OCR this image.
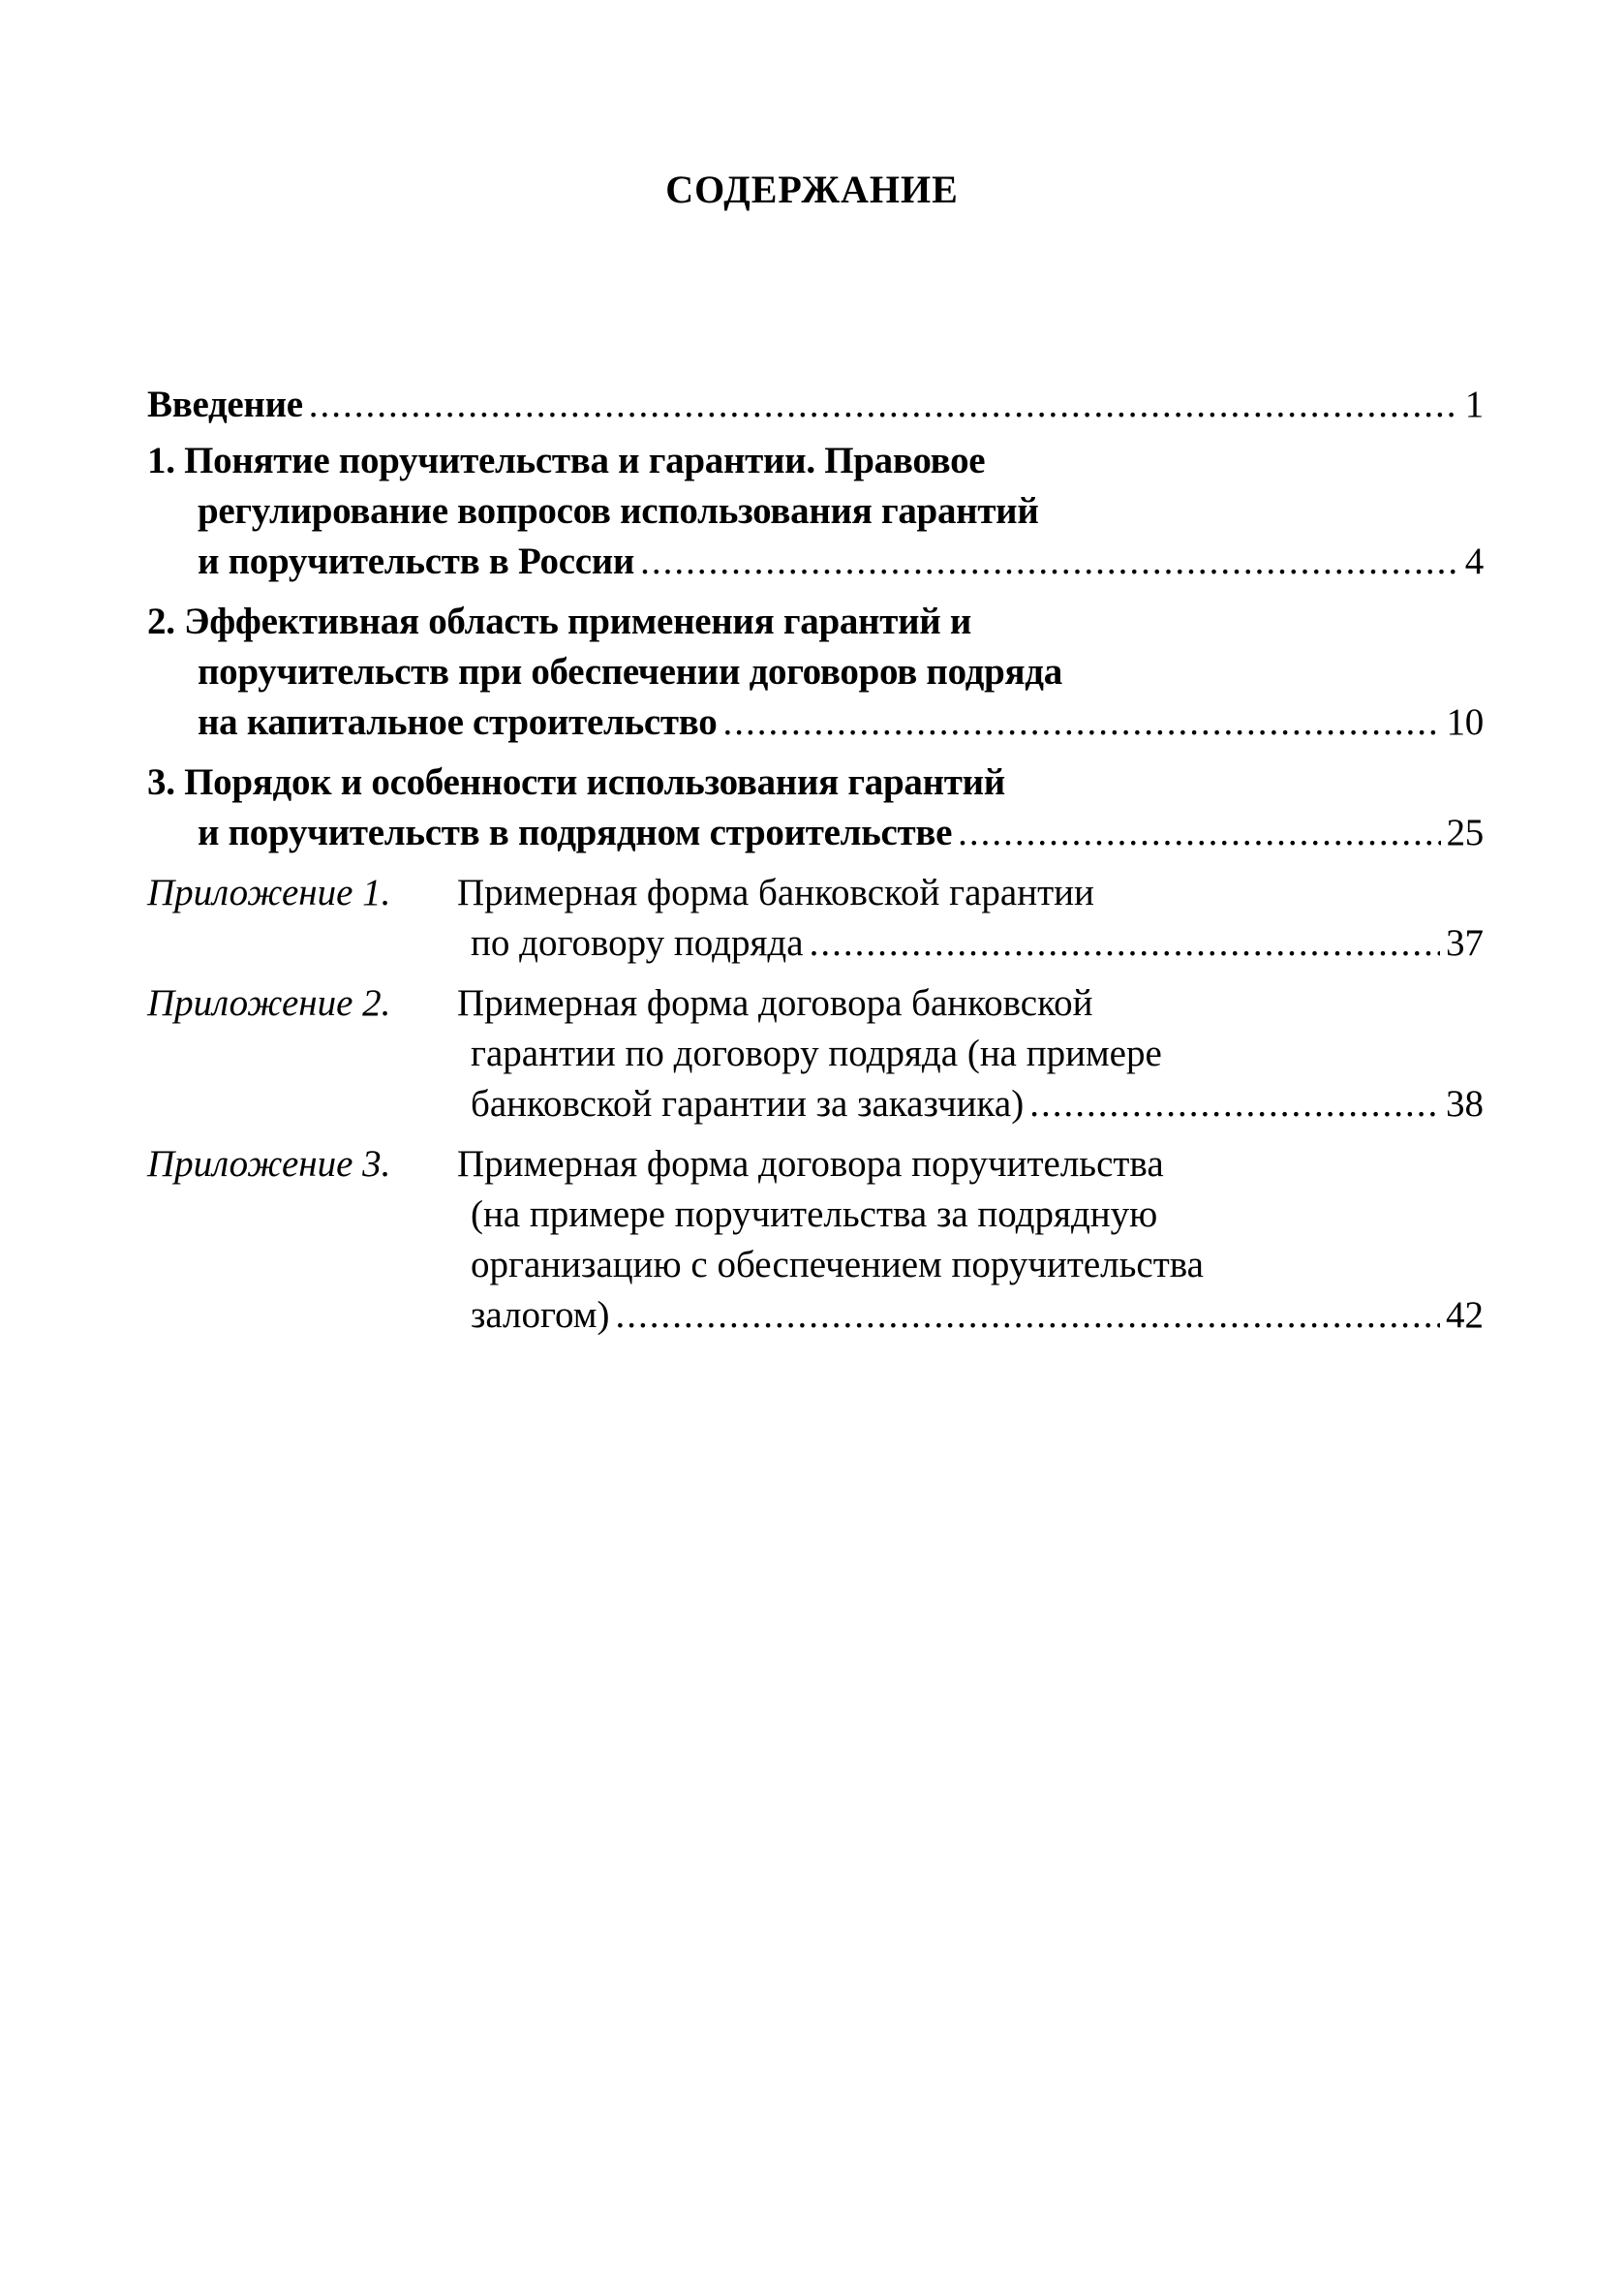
СОДЕРЖАНИЕ
Введение .....	1
1. Понятие поручительства и гарантии. Правовое
регулирование вопросов использования гарантий
и поручительств в России .....	4
2. Эффективная область применения гарантий и
поручительств при обеспечении договоров подряда
на капитальное строительство .....	10
3. Порядок и особенности использования гарантий
и поручительств в подрядном строительстве .....	25
Приложение 1.	Примерная форма банковской гарантии
по договору подряда .....	37
Приложение 2.	Примерная форма договора банковской
гарантии по договору подряда (на примере
банковской гарантии за заказчика) .....	38
Приложение 3.	Примерная форма договора поручительства
(на примере поручительства за подрядную
организацию с обеспечением поручительства
залогом) .....	42
